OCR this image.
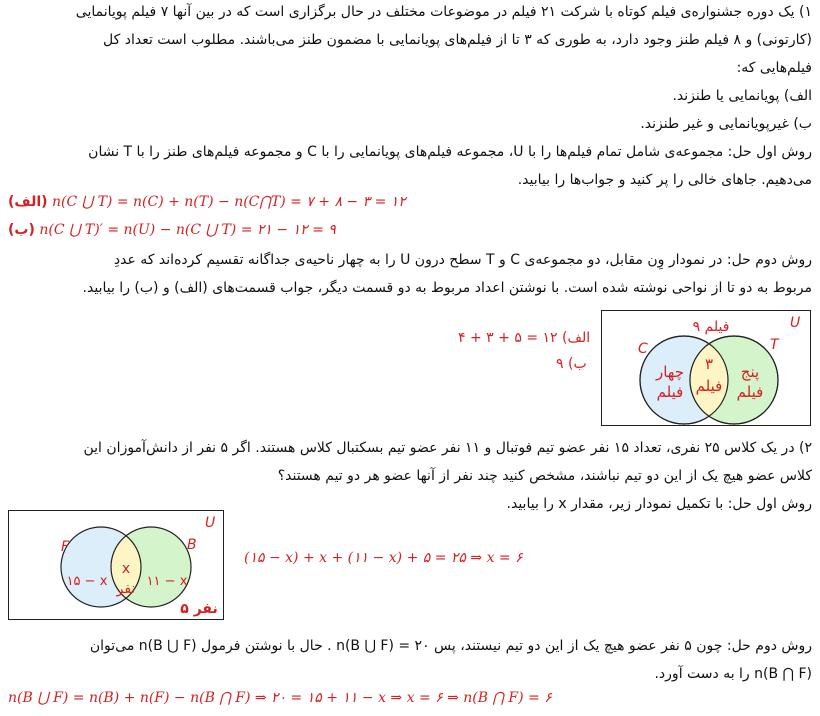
۱) یک دوره جشنواره‌ی فیلم کوتاه با شرکت ۲۱ فیلم در موضوعات مختلف در حال برگزاری است که در بین آنها ۷ فیلم پویانمایی
(کارتونی) و ۸ فیلم طنز وجود دارد، به طوری که ۳ تا از فیلم‌های پویانمایی با مضمون طنز می‌باشند. مطلوب است تعداد کل
فیلم‌هایی که:
الف) پویانمایی یا طنزند.
ب) غیرپویانمایی و غیر طنزند.
روش اول حل: مجموعه‌ی شامل تمام فیلم‌ها را با U، مجموعه فیلم‌های پویانمایی را با C و مجموعه فیلم‌های طنز را با T نشان
می‌دهیم. جاهای خالی را پر کنید و جواب‌ها را بیابید.
(الف) n(C ⋃ T) = n(C) + n(T) − n(C⋂T) = ۷ + ۸ − ۳ = ۱۲
(ب) n(C ⋃ T)′ = n(U) − n(C ⋃ T) = ۲۱ − ۱۲ = ۹
روش دوم حل: در نمودار وِن مقابل، دو مجموعه‌ی C و T سطح درون U را به چهار ناحیه‌ی جداگانه تقسیم کرده‌اند که عددِ
مربوط به دو تا از نواحی نوشته شده است. با نوشتن اعداد مربوط به دو قسمت دیگر، جواب قسمت‌های (الف) و (ب) را بیابید.
الف) ۱۲ = ۵ + ۳ + ۴
ب) ۹
U
C	T
۹ فیلم
چهار
فیلم
۳
فیلم
پنج
فیلم
۲) در یک کلاس ۲۵ نفری، تعداد ۱۵ نفر عضو تیم فوتبال و ۱۱ نفر عضو تیم بسکتبال کلاس هستند. اگر ۵ نفر از دانش‌آموزان این
کلاس عضو هیچ یک از این دو تیم نباشند، مشخص کنید چند نفر از آنها عضو هر دو تیم هستند؟
روش اول حل: با تکمیل نمودار زیر، مقدار x را بیابید.
U
F	B
۱۵ − x
x
نفر ۱۱ − x
۵ نفر
(۱۵ − x) + x + (۱۱ − x) + ۵ = ۲۵ ⇒ x = ۶
روش دوم حل: چون ۵ نفر عضو هیچ یک از این دو تیم نیستند، پس n(B ⋃ F) = ۲۰ . حال با نوشتن فرمول n(B ⋃ F) می‌توان
n(B ⋂ F) را به دست آورد.
n(B ⋃ F) = n(B) + n(F) − n(B ⋂ F) ⇒ ۲۰ = ۱۵ + ۱۱ − x ⇒ x = ۶ ⇒ n(B ⋂ F) = ۶
